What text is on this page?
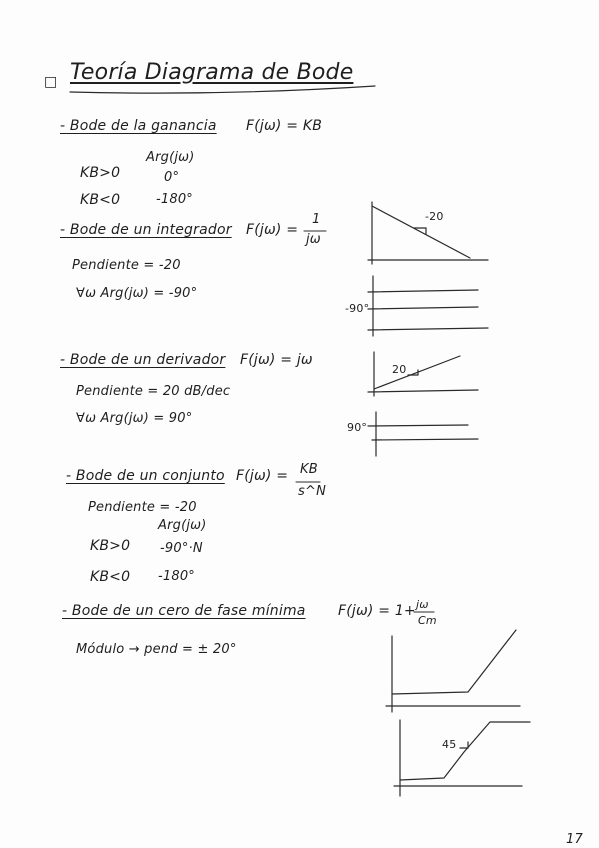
□ Teoría Diagrama de Bode
- Bode de la ganancia F(jω) = KB
Arg(jω)
KB>0	0°
KB<0	-180°
- Bode de un integrador F(jω) =
1
jω
Pendiente = -20
∀ω Arg(jω) = -90°
-20
-90°
- Bode de un derivador F(jω) = jω
Pendiente = 20 dB/dec
∀ω Arg(jω) = 90°
20
90°
- Bode de un conjunto F(jω) = KB
s^N
Pendiente = -20
Arg(jω)
KB>0 -90°·N
KB<0 -180°
- Bode de un cero de fase mínima F(jω) = 1+ jω
Cm
Módulo → pend = ± 20°
45
17
